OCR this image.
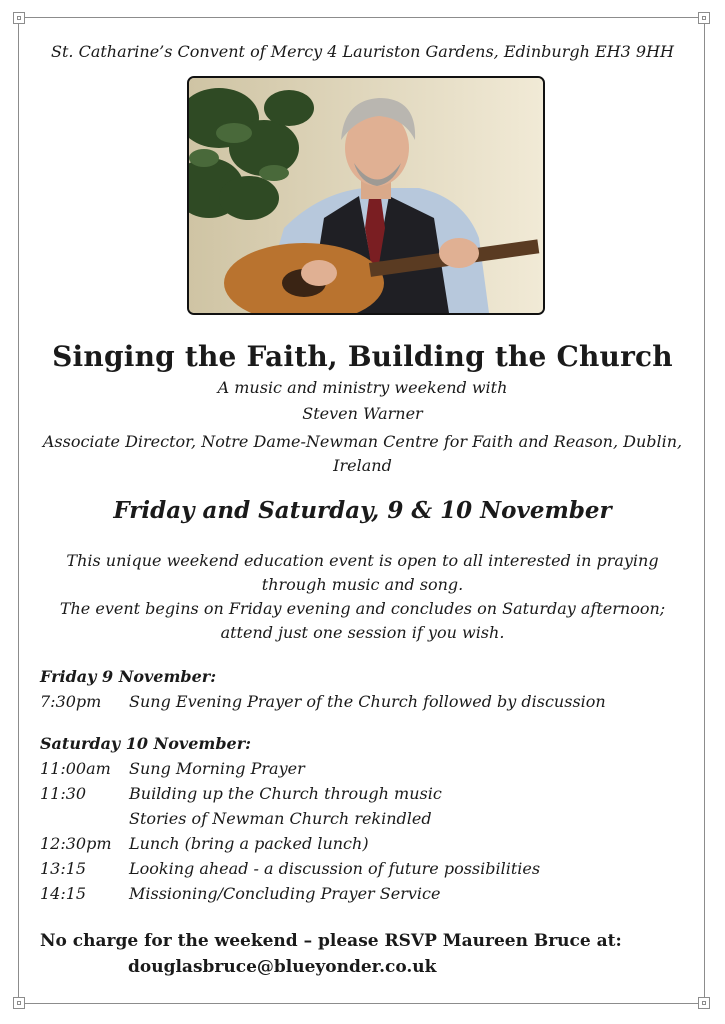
St. Catharine’s Convent of Mercy 4 Lauriston Gardens, Edinburgh EH3 9HH
Singing the Faith, Building the Church
A music and ministry weekend with
Steven Warner
Associate Director, Notre Dame-Newman Centre for Faith and Reason, Dublin, Ireland
Friday and Saturday, 9 & 10 November

This unique weekend education event is open to all interested in praying through music and song.

The event begins on Friday evening and concludes on Saturday afternoon; attend just one session if you wish.

Friday 9 November:
7:30pm	Sung Evening Prayer of the Church followed by discussion
Saturday 10 November:
11:00am	Sung Morning Prayer
11:30	Building up the Church through music
Stories of Newman Church rekindled
12:30pm	Lunch (bring a packed lunch)
13:15	Looking ahead - a discussion of future possibilities
14:15	Missioning/Concluding Prayer Service
No charge for the weekend – please RSVP Maureen Bruce at:
douglasbruce@blueyonder.co.uk
